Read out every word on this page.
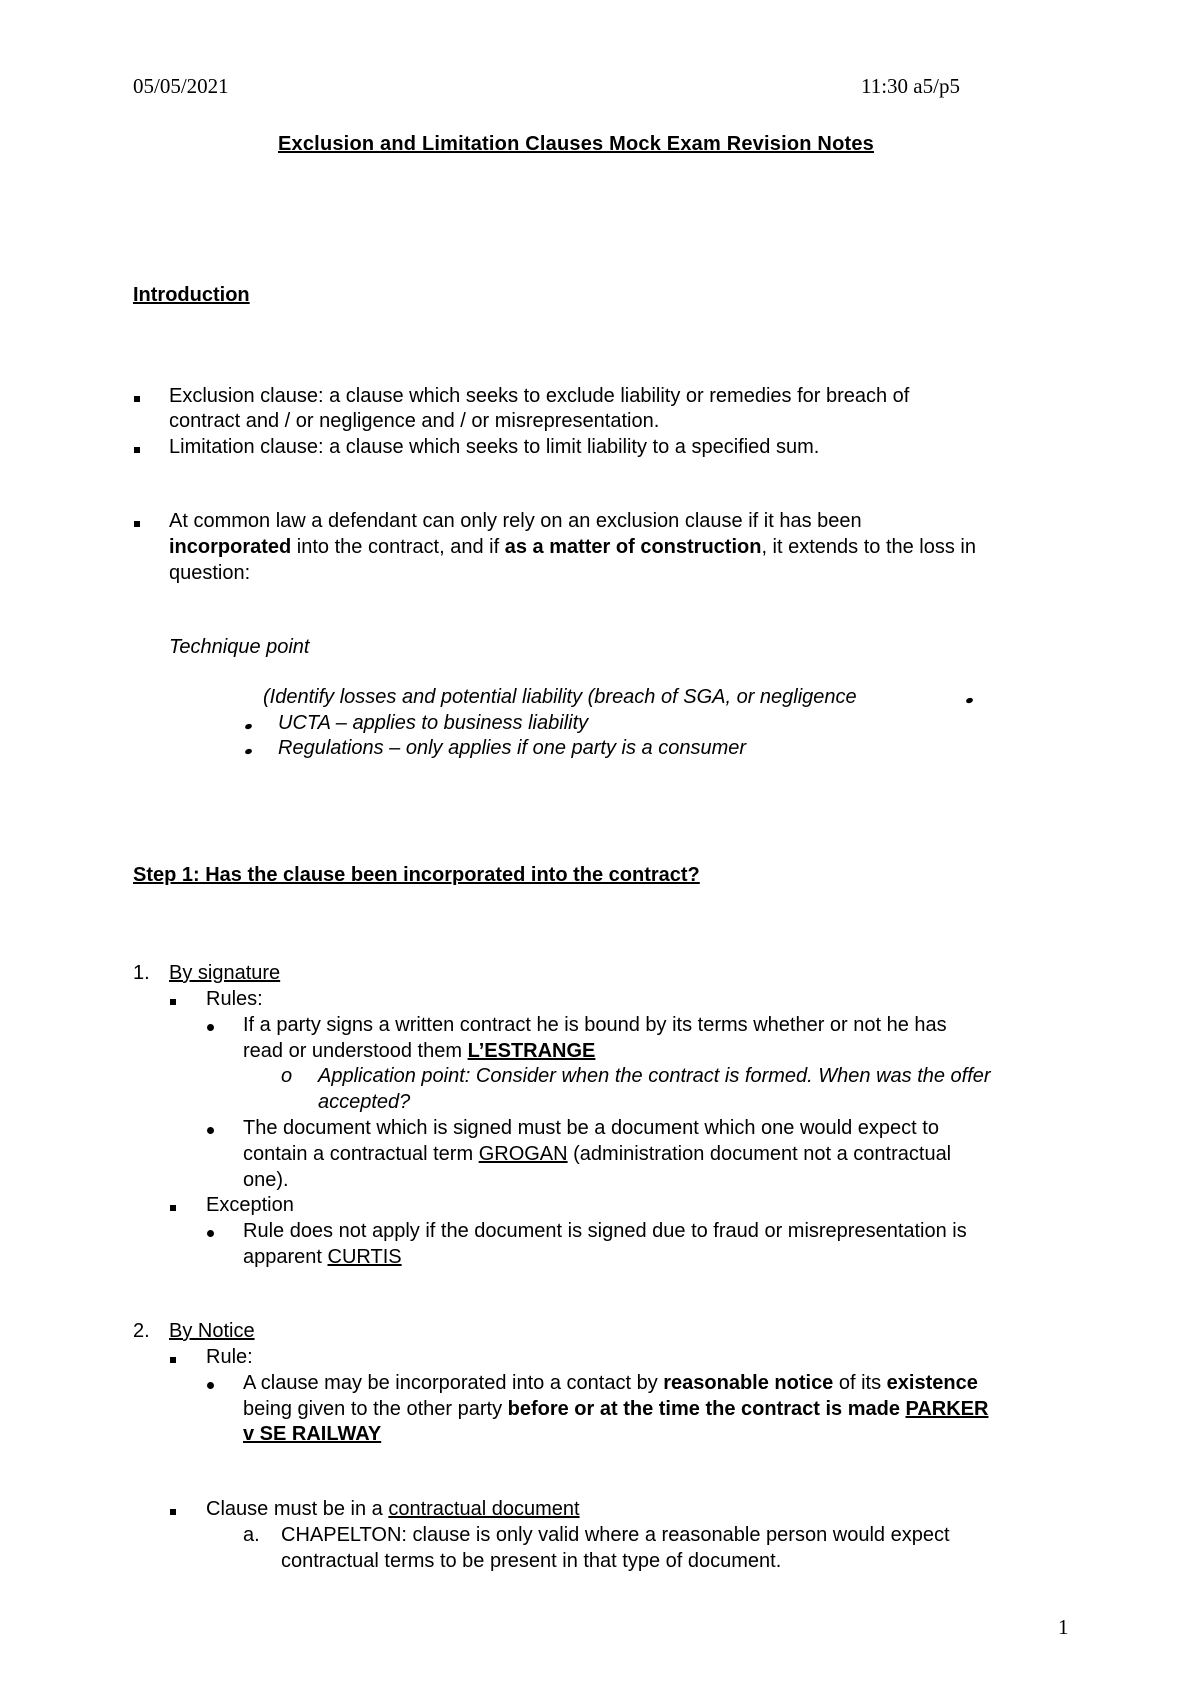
05/05/2021	11:30 a5/p5
Exclusion and Limitation Clauses Mock Exam Revision Notes
Introduction
Exclusion clause: a clause which seeks to exclude liability or remedies for breach of
contract and / or negligence and / or misrepresentation.
Limitation clause: a clause which seeks to limit liability to a specified sum.
At common law a defendant can only rely on an exclusion clause if it has been
incorporated into the contract, and if as a matter of construction, it extends to the loss in
question:
Technique point
(Identify losses and potential liability (breach of SGA, or negligence
UCTA – applies to business liability
Regulations – only applies if one party is a consumer
Step 1: Has the clause been incorporated into the contract?
1. By signature
Rules:
If a party signs a written contract he is bound by its terms whether or not he has
read or understood them L’ESTRANGE
o Application point: Consider when the contract is formed. When was the offer
accepted?
The document which is signed must be a document which one would expect to
contain a contractual term GROGAN (administration document not a contractual
one).
Exception
Rule does not apply if the document is signed due to fraud or misrepresentation is
apparent CURTIS
2. By Notice
Rule:
A clause may be incorporated into a contact by reasonable notice of its existence
being given to the other party before or at the time the contract is made PARKER
v SE RAILWAY
Clause must be in a contractual document
a. CHAPELTON: clause is only valid where a reasonable person would expect
contractual terms to be present in that type of document.
1
